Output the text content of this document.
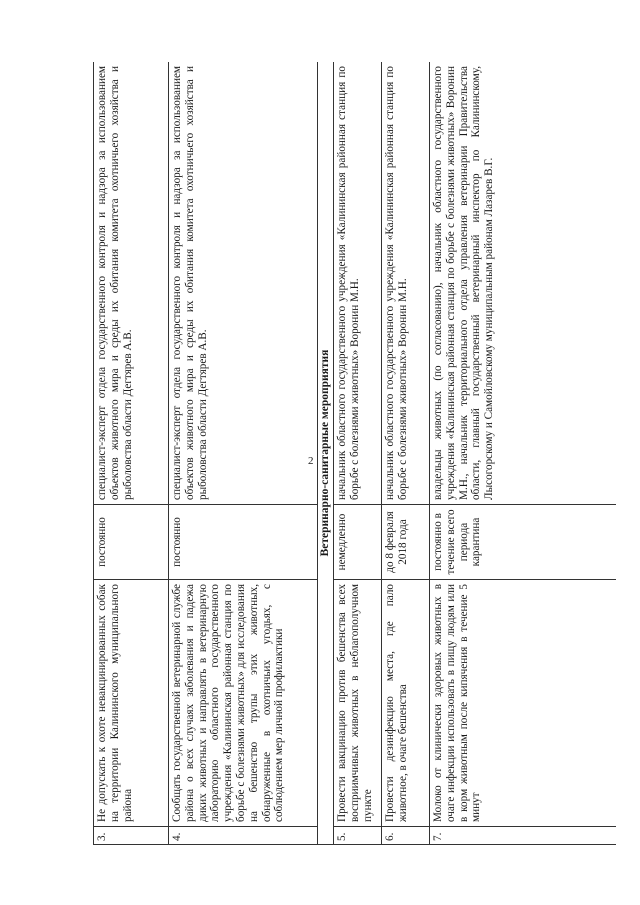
2
3.	Не допускать к охоте невакцинированных собак на территории Калининского муниципального района	постоянно	специалист-эксперт отдела государственного контроля и надзора за использованием объектов животного мира и среды их обитания комитета охотничьего хозяйства и рыболовства области Дегтярев А.В.
4.	Сообщать государственной ветеринарной службе района о всех случаях заболевания и падежа диких животных и направлять в ветеринарную лабораторию областного государственного учреждения «Калининская районная станция по борьбе с болезнями животных» для исследования на бешенство трупы этих животных, обнаруженные в охотничьих угодьях, с соблюдением мер личной профилактики	постоянно	специалист-эксперт отдела государственного контроля и надзора за использованием объектов животного мира и среды их обитания комитета охотничьего хозяйства и рыболовства области Дегтярев А.В.
Ветеринарно-санитарные мероприятия			
5.	Провести вакцинацию против бешенства всех восприимчивых животных в неблагополучном пункте	немедленно	начальник областного государственного учреждения «Калининская районная станция по борьбе с болезнями животных» Воронин М.Н.
6.	Провести дезинфекцию места, где пало животное, в очаге бешенства	до 8 февраля 2018 года	начальник областного государственного учреждения «Калининская районная станция по борьбе с болезнями животных» Воронин М.Н.
7.	Молоко от клинически здоровых животных в очаге инфекции использовать в пищу людям или в корм животным после кипячения в течение 5 минут	постоянно в течение всего периода карантина	владельцы животных (по согласованию), начальник областного государственного учреждения «Калининская районная станция по борьбе с болезнями животных» Воронин М.Н., начальник территориального отдела управления ветеринарии Правительства области, главный государственный ветеринарный инспектор по Калининскому, Лысогорскому и Самойловскому муниципальным районам Лазарев В.Г.
